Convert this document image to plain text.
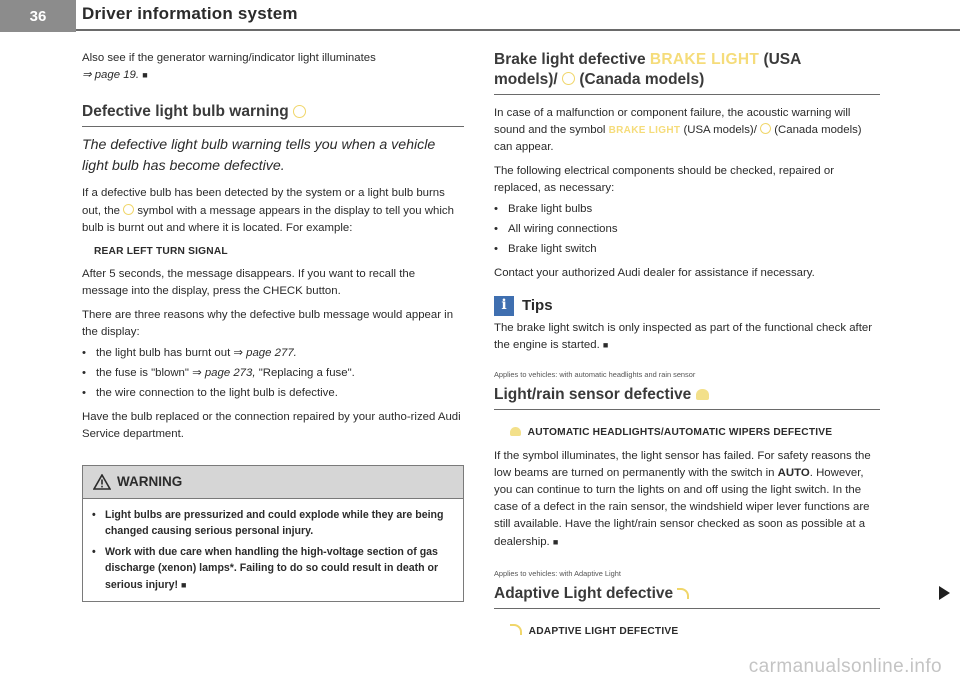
36	Driver information system

Also see if the generator warning/indicator light illuminates
⇒ page 19. ■

Defective light bulb warning

The defective light bulb warning tells you when a vehicle light bulb has become defective.

If a defective bulb has been detected by the system or a light bulb burns out, the symbol with a message appears in the display to tell you which bulb is burnt out and where it is located. For example:

REAR LEFT TURN SIGNAL

After 5 seconds, the message disappears. If you want to recall the message into the display, press the CHECK button.

There are three reasons why the defective bulb message would appear in the display:

• the light bulb has burnt out ⇒ page 277.
• the fuse is "blown" ⇒ page 273, "Replacing a fuse".
• the wire connection to the light bulb is defective.

Have the bulb replaced or the connection repaired by your autho-rized Audi Service department.

WARNING
• Light bulbs are pressurized and could explode while they are being changed causing serious personal injury.
• Work with due care when handling the high-voltage section of gas discharge (xenon) lamps*. Failing to do so could result in death or serious injury! ■
Brake light defective BRAKE LIGHT (USA
models)/ (Canada models)

In case of a malfunction or component failure, the acoustic warning will sound and the symbol BRAKE LIGHT (USA models)/ (Canada models) can appear.

The following electrical components should be checked, repaired or replaced, as necessary:

• Brake light bulbs
• All wiring connections
• Brake light switch

Contact your authorized Audi dealer for assistance if necessary.

i	Tips

The brake light switch is only inspected as part of the functional check after the engine is started. ■

Applies to vehicles: with automatic headlights and rain sensor

Light/rain sensor defective

AUTOMATIC HEADLIGHTS/AUTOMATIC WIPERS DEFECTIVE

If the symbol illuminates, the light sensor has failed. For safety reasons the low beams are turned on permanently with the switch in AUTO. However, you can continue to turn the lights on and off using the light switch. In the case of a defect in the rain sensor, the windshield wiper lever functions are still available. Have the light/rain sensor checked as soon as possible at a dealership. ■

Applies to vehicles: with Adaptive Light

Adaptive Light defective

ADAPTIVE LIGHT DEFECTIVE

carmanualsonline.info
